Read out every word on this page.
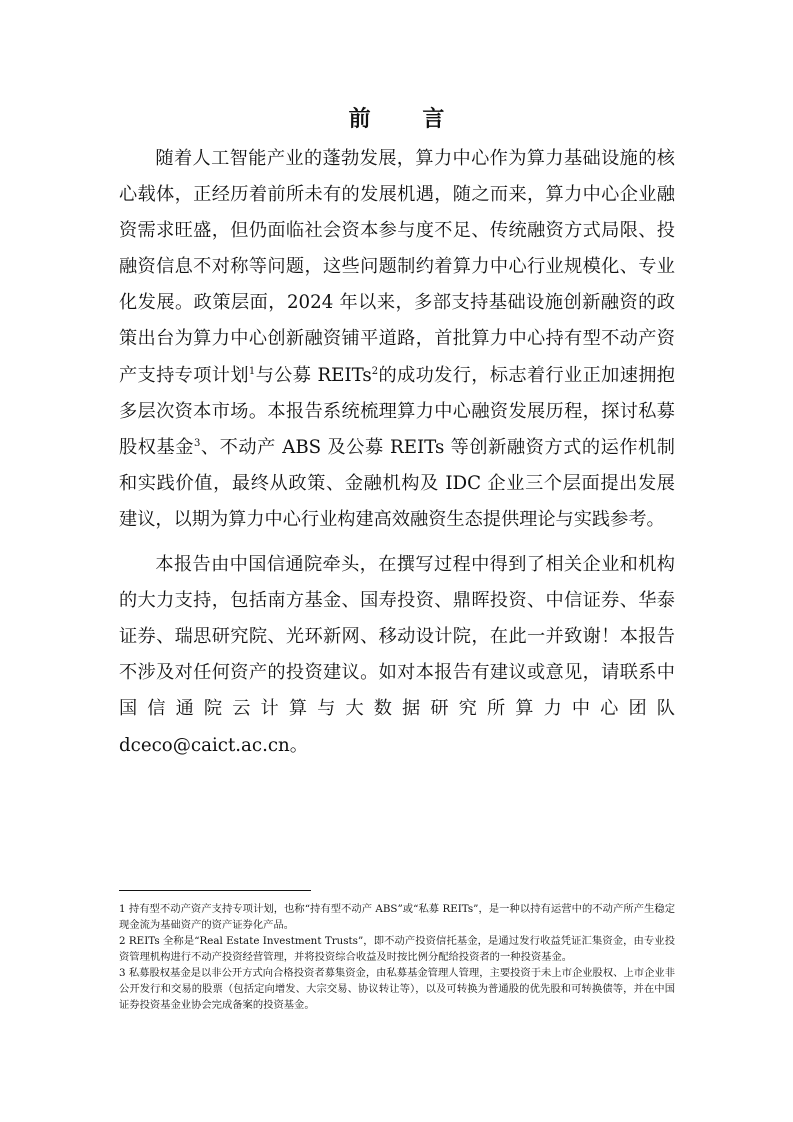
前 言

随着人工智能产业的蓬勃发展，算力中心作为算力基础设施的核心载体，正经历着前所未有的发展机遇，随之而来，算力中心企业融资需求旺盛，但仍面临社会资本参与度不足、传统融资方式局限、投融资信息不对称等问题，这些问题制约着算力中心行业规模化、专业化发展。政策层面，2024 年以来，多部支持基础设施创新融资的政策出台为算力中心创新融资铺平道路，首批算力中心持有型不动产资产支持专项计划$^1$与公募 REITs$^2$的成功发行，标志着行业正加速拥抱多层次资本市场。本报告系统梳理算力中心融资发展历程，探讨私募股权基金$^3$、不动产 ABS 及公募 REITs 等创新融资方式的运作机制和实践价值，最终从政策、金融机构及 IDC 企业三个层面提出发展建议，以期为算力中心行业构建高效融资生态提供理论与实践参考。

本报告由中国信通院牵头，在撰写过程中得到了相关企业和机构的大力支持，包括南方基金、国寿投资、鼎晖投资、中信证券、华泰证券、瑞思研究院、光环新网、移动设计院，在此一并致谢！本报告不涉及对任何资产的投资建议。如对本报告有建议或意见，请联系中国信通院云计算与大数据研究所算力中心团队 dceco@caict.ac.cn。

1 持有型不动产资产支持专项计划，也称“持有型不动产 ABS”或“私募 REITs”，是一种以持有运营中的不动产所产生稳定现金流为基础资产的资产证券化产品。
2 REITs 全称是“Real Estate Investment Trusts”，即不动产投资信托基金，是通过发行收益凭证汇集资金，由专业投资管理机构进行不动产投资经营管理，并将投资综合收益及时按比例分配给投资者的一种投资基金。
3 私募股权基金是以非公开方式向合格投资者募集资金，由私募基金管理人管理，主要投资于未上市企业股权、上市企业非公开发行和交易的股票（包括定向增发、大宗交易、协议转让等），以及可转换为普通股的优先股和可转换债等，并在中国证券投资基金业协会完成备案的投资基金。
